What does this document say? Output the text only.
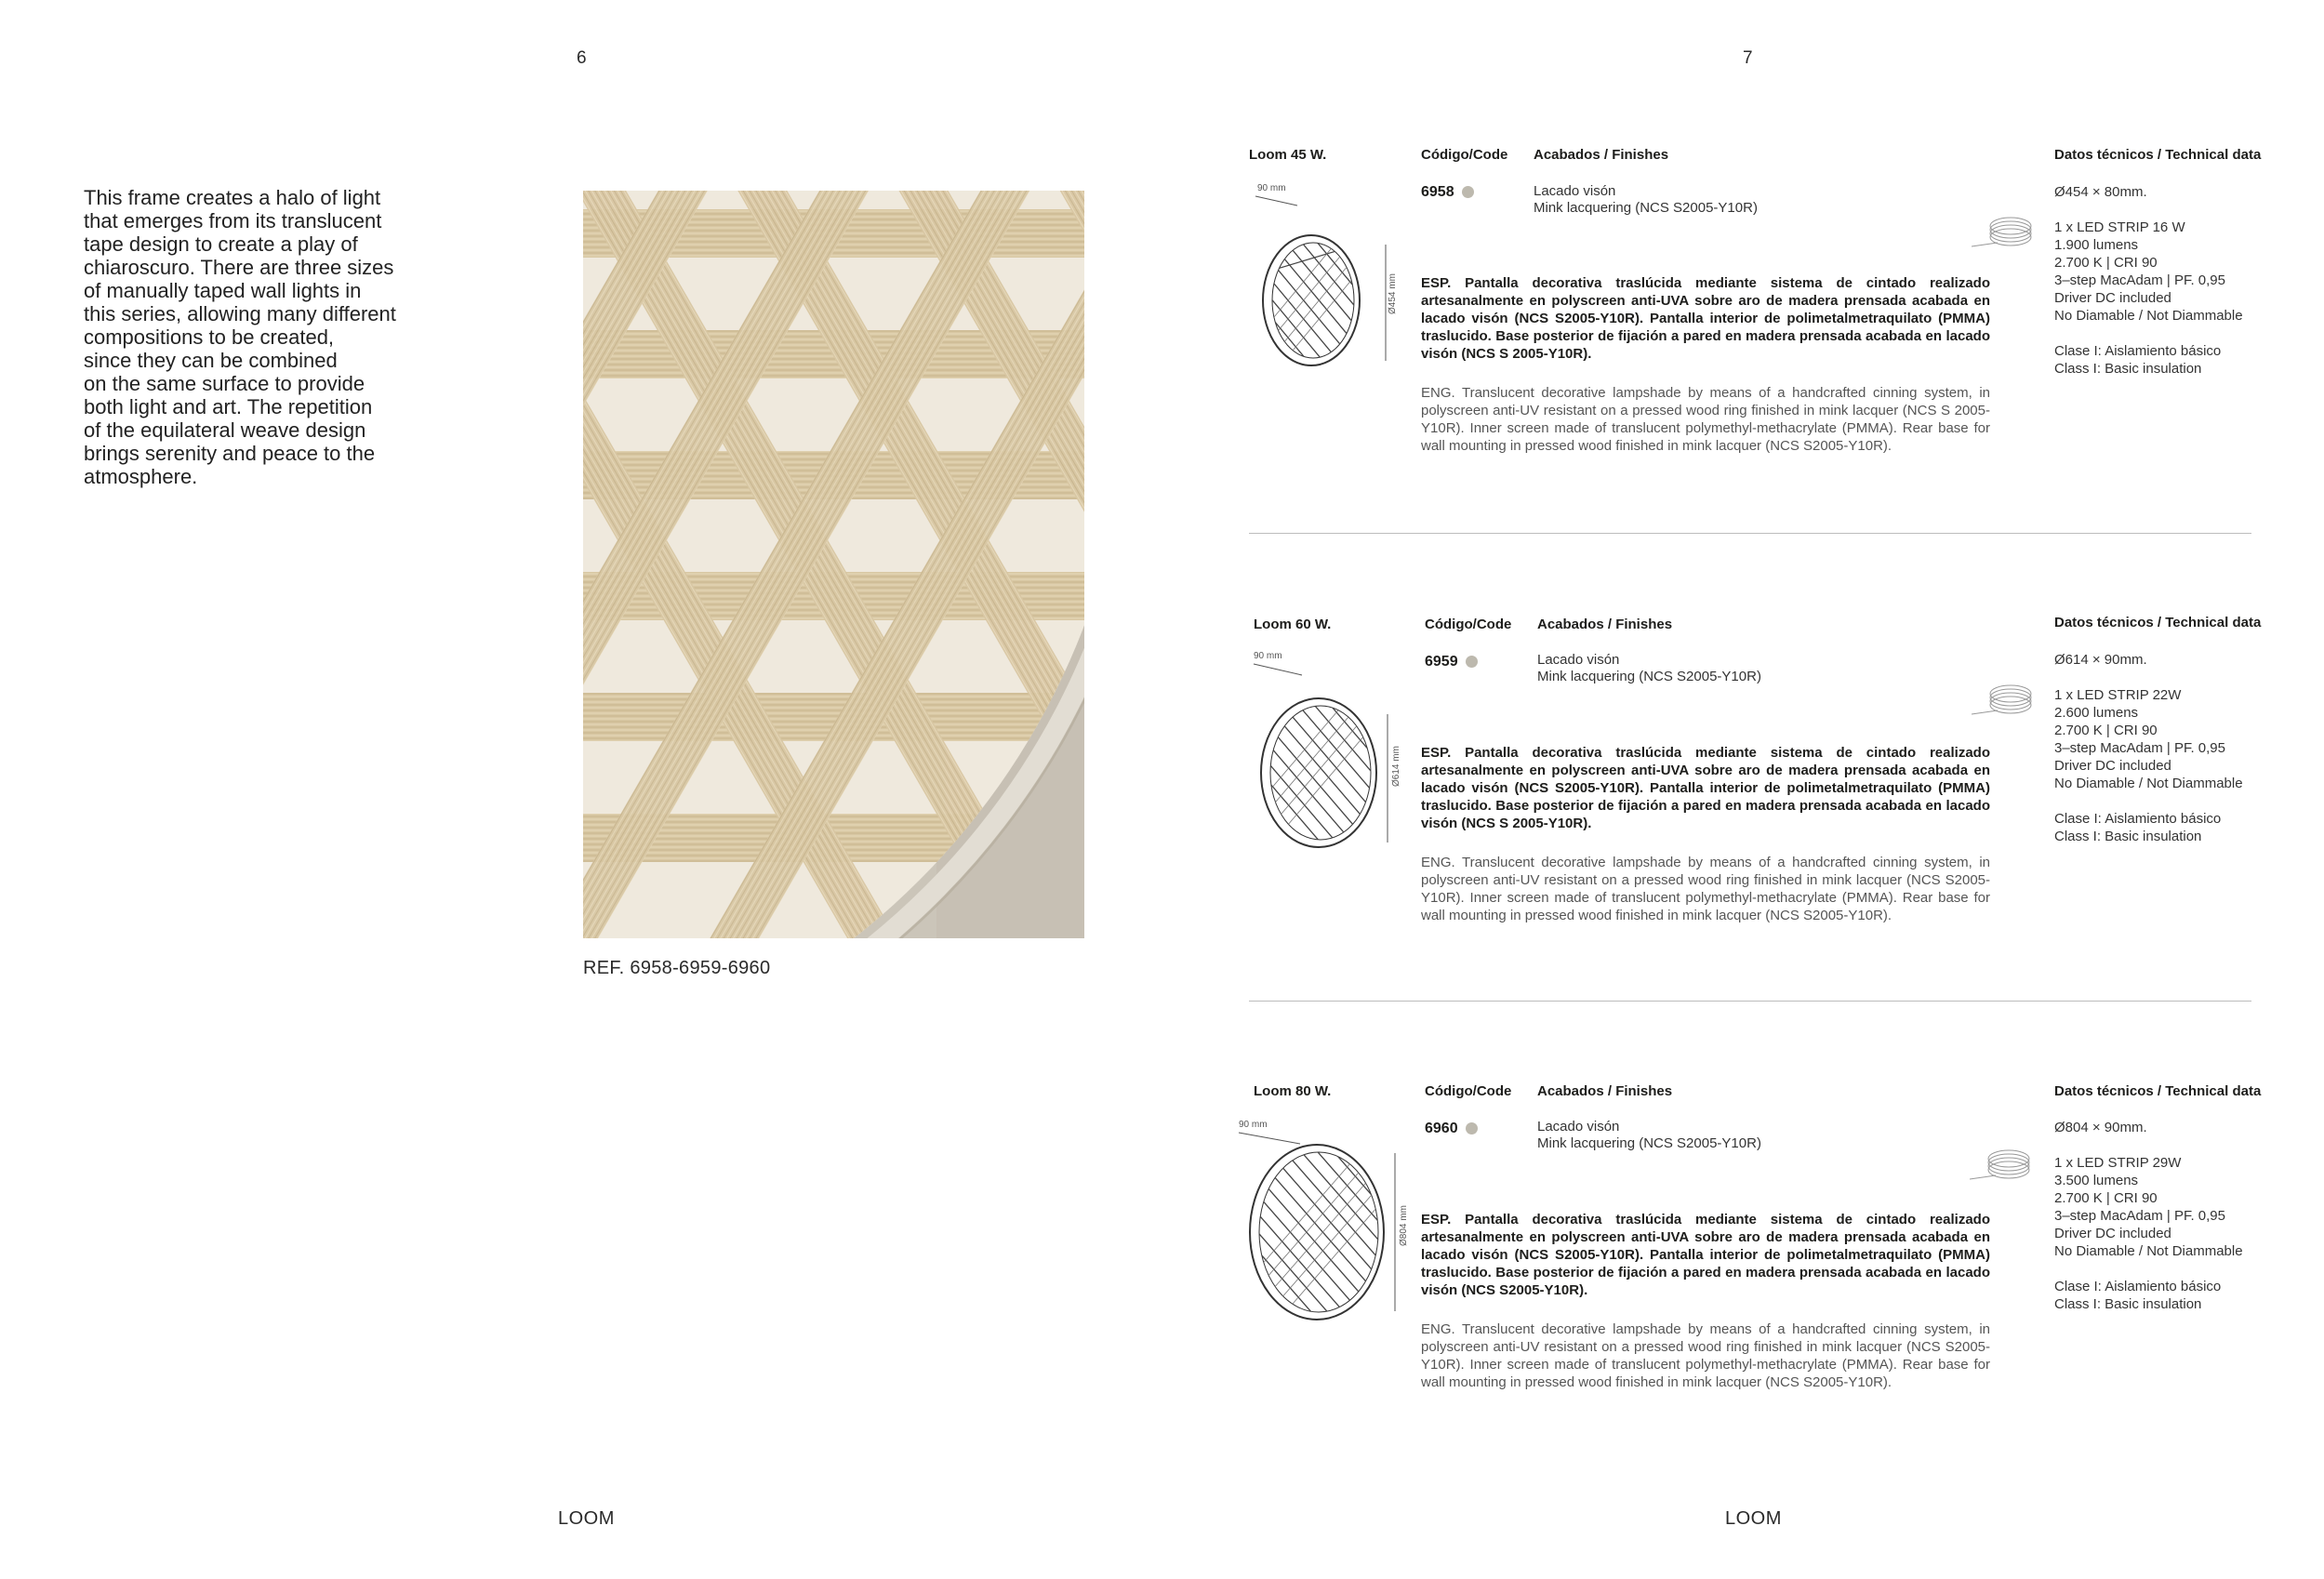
6	7
This frame creates a halo of light
that emerges from its translucent
tape design to create a play of
chiaroscuro. There are three sizes
of manually taped wall lights in
this series, allowing many different
compositions to be created,
since they can be combined
on the same surface to provide
both light and art. The repetition
of the equilateral weave design
brings serenity and peace to the
atmosphere.
REF. 6958-6959-6960
Loom 45 W.	Código/Code Acabados / Finishes	Datos técnicos / Technical data
90 mm
Ø454 mm
6958	Lacado visón
Mink lacquering (NCS S2005-Y10R)
ESP. Pantalla decorativa traslúcida mediante sistema de cintado realizado artesanalmente en polyscreen anti-UVA sobre aro de madera prensada acabada en lacado visón (NCS S2005-Y10R). Pantalla interior de polimetalmetraquilato (PMMA) traslucido. Base posterior de fijación a pared en madera prensada acabada en lacado visón (NCS S 2005-Y10R).
ENG. Translucent decorative lampshade by means of a handcrafted cinning system, in polyscreen anti-UV resistant on a pressed wood ring finished in mink lacquer (NCS S 2005-Y10R). Inner screen made of translucent polymethyl-methacrylate (PMMA). Rear base for wall mounting in pressed wood finished in mink lacquer (NCS S2005-Y10R).
Ø454 × 80mm.
1 x LED STRIP 16 W
1.900 lumens
2.700 K | CRI 90
3–step MacAdam | PF. 0,95
Driver DC included
No Diamable / Not Diammable
Clase I: Aislamiento básico
Class I: Basic insulation
Loom 60 W.	Código/Code Acabados / Finishes	Datos técnicos / Technical data
90 mm
Ø614 mm
6959	Lacado visón
Mink lacquering (NCS S2005-Y10R)
ESP. Pantalla decorativa traslúcida mediante sistema de cintado realizado artesanalmente en polyscreen anti-UVA sobre aro de madera prensada acabada en lacado visón (NCS S2005-Y10R). Pantalla interior de polimetalmetraquilato (PMMA) traslucido. Base posterior de fijación a pared en madera prensada acabada en lacado visón (NCS S 2005-Y10R).
ENG. Translucent decorative lampshade by means of a handcrafted cinning system, in polyscreen anti-UV resistant on a pressed wood ring finished in mink lacquer (NCS S2005-Y10R). Inner screen made of translucent polymethyl-methacrylate (PMMA). Rear base for wall mounting in pressed wood finished in mink lacquer (NCS S2005-Y10R).
Ø614 × 90mm.
1 x LED STRIP 22W
2.600 lumens
2.700 K | CRI 90
3–step MacAdam | PF. 0,95
Driver DC included
No Diamable / Not Diammable
Clase I: Aislamiento básico
Class I: Basic insulation
Loom 80 W.	Código/Code Acabados / Finishes	Datos técnicos / Technical data
90 mm
Ø804 mm
6960	Lacado visón
Mink lacquering (NCS S2005-Y10R)
ESP. Pantalla decorativa traslúcida mediante sistema de cintado realizado artesanalmente en polyscreen anti-UVA sobre aro de madera prensada acabada en lacado visón (NCS S2005-Y10R). Pantalla interior de polimetalmetraquilato (PMMA) traslucido. Base posterior de fijación a pared en madera prensada acabada en lacado visón (NCS S2005-Y10R).
ENG. Translucent decorative lampshade by means of a handcrafted cinning system, in polyscreen anti-UV resistant on a pressed wood ring finished in mink lacquer (NCS S2005-Y10R). Inner screen made of translucent polymethyl-methacrylate (PMMA). Rear base for wall mounting in pressed wood finished in mink lacquer (NCS S2005-Y10R).
Ø804 × 90mm.
1 x LED STRIP 29W
3.500 lumens
2.700 K | CRI 90
3–step MacAdam | PF. 0,95
Driver DC included
No Diamable / Not Diammable
Clase I: Aislamiento básico
Class I: Basic insulation
LOOM	LOOM
